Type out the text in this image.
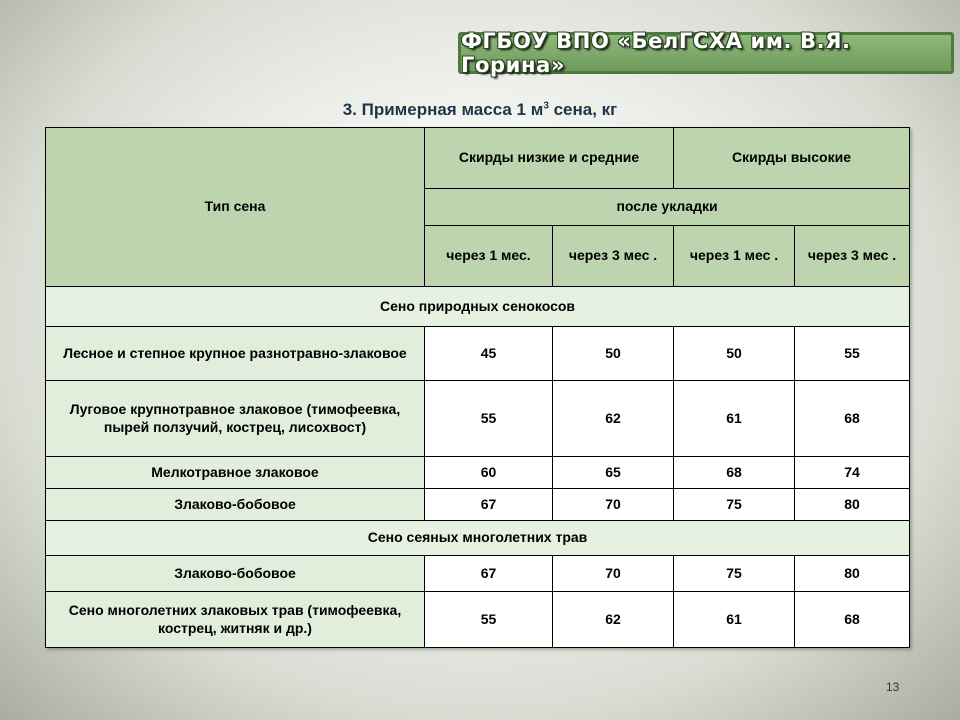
ФГБОУ ВПО «БелГСХА им. В.Я. Горина»
3. Примерная масса 1 $м^3$ сена, кг
Тип сена	Скирды низкие и средние		Скирды высокие	
	после укладки			
	через 1 мес.	через 3 мес .	через 1 мес .	через 3 мес .
Сено природных сенокосов				
Лесное и степное крупное разнотравно-злаковое	45	50	50	55
Луговое крупнотравное злаковое (тимофеевка, пырей ползучий, кострец, лисохвост)	55	62	61	68
Мелкотравное злаковое	60	65	68	74
Злаково-бобовое	67	70	75	80
Сено сеяных многолетних трав				
Злаково-бобовое	67	70	75	80
Сено многолетних злаковых трав (тимофеевка, кострец, житняк и др.)	55	62	61	68
13
